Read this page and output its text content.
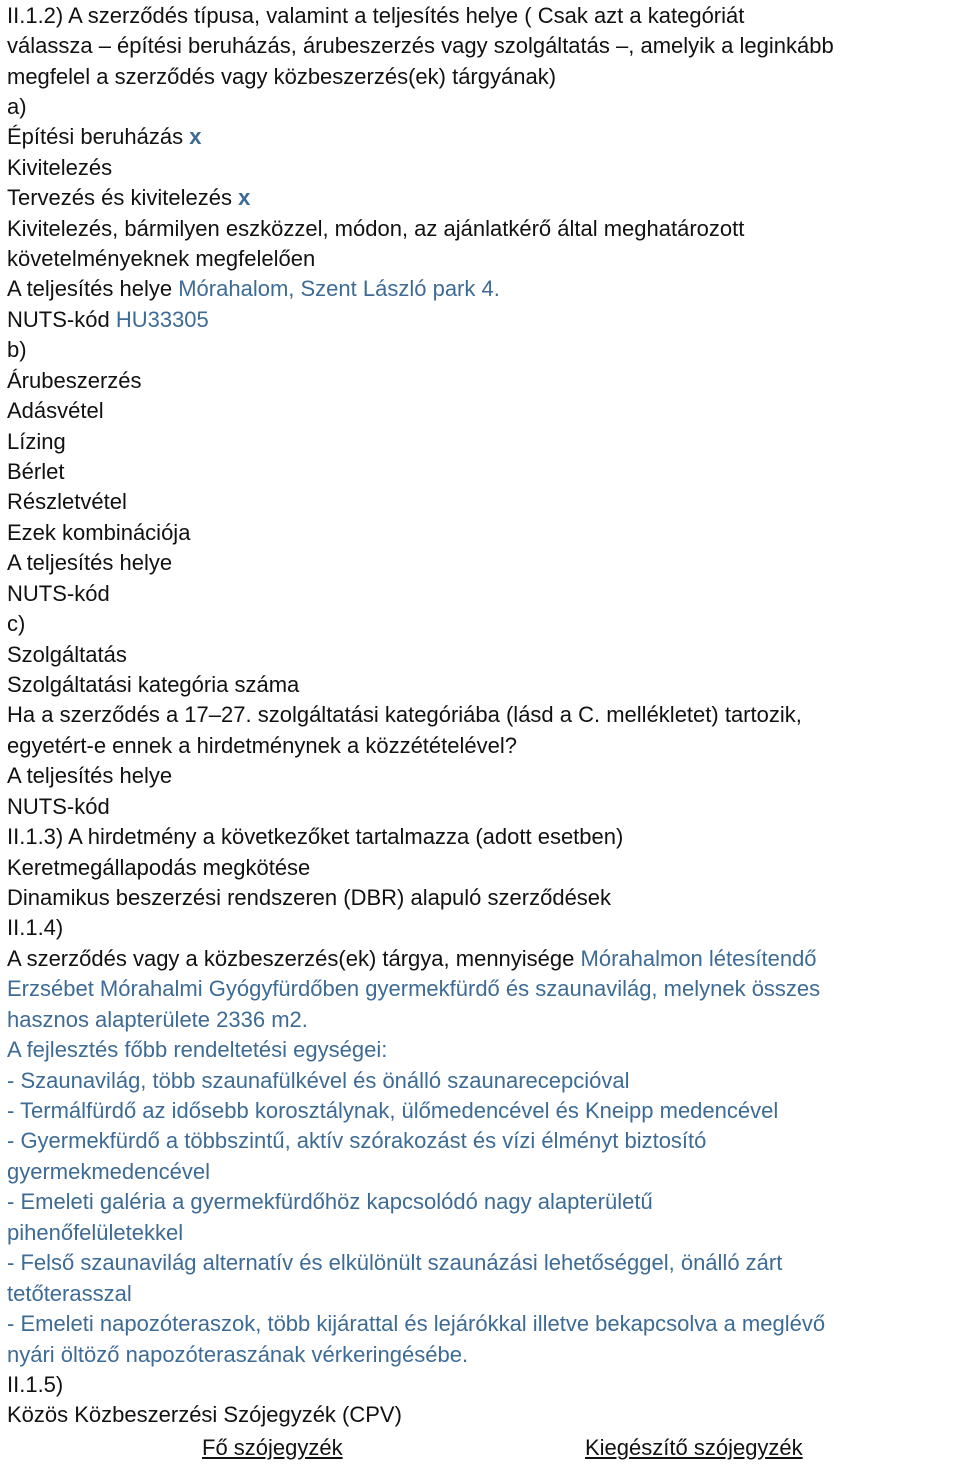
II.1.2) A szerződés típusa, valamint a teljesítés helye ( Csak azt a kategóriát
válassza – építési beruházás, árubeszerzés vagy szolgáltatás –, amelyik a leginkább
megfelel a szerződés vagy közbeszerzés(ek) tárgyának)
a)
Építési beruházás x
Kivitelezés
Tervezés és kivitelezés x
Kivitelezés, bármilyen eszközzel, módon, az ajánlatkérő által meghatározott
követelményeknek megfelelően
A teljesítés helye Mórahalom, Szent László park 4.
NUTS-kód HU33305
b)
Árubeszerzés
Adásvétel
Lízing
Bérlet
Részletvétel
Ezek kombinációja
A teljesítés helye
NUTS-kód
c)
Szolgáltatás
Szolgáltatási kategória száma
Ha a szerződés a 17–27. szolgáltatási kategóriába (lásd a C. mellékletet) tartozik,
egyetért-e ennek a hirdetménynek a közzétételével?
A teljesítés helye
NUTS-kód
II.1.3) A hirdetmény a következőket tartalmazza (adott esetben)
Keretmegállapodás megkötése
Dinamikus beszerzési rendszeren (DBR) alapuló szerződések
II.1.4)
A szerződés vagy a közbeszerzés(ek) tárgya, mennyisége Mórahalmon létesítendő
Erzsébet Mórahalmi Gyógyfürdőben gyermekfürdő és szaunavilág, melynek összes
hasznos alapterülete 2336 m2.
A fejlesztés főbb rendeltetési egységei:
- Szaunavilág, több szaunafülkével és önálló szaunarecepcióval
- Termálfürdő az idősebb korosztálynak, ülőmedencével és Kneipp medencével
- Gyermekfürdő a többszintű, aktív szórakozást és vízi élményt biztosító
gyermekmedencével
- Emeleti galéria a gyermekfürdőhöz kapcsolódó nagy alapterületű
pihenőfelületekkel
- Felső szaunavilág alternatív és elkülönült szaunázási lehetőséggel, önálló zárt
tetőterasszal
- Emeleti napozóteraszok, több kijárattal és lejárókkal illetve bekapcsolva a meglévő
nyári öltöző napozóteraszának vérkeringésébe.
II.1.5)
Közös Közbeszerzési Szójegyzék (CPV)
Fő szójegyzék	Kiegészítő szójegyzék
